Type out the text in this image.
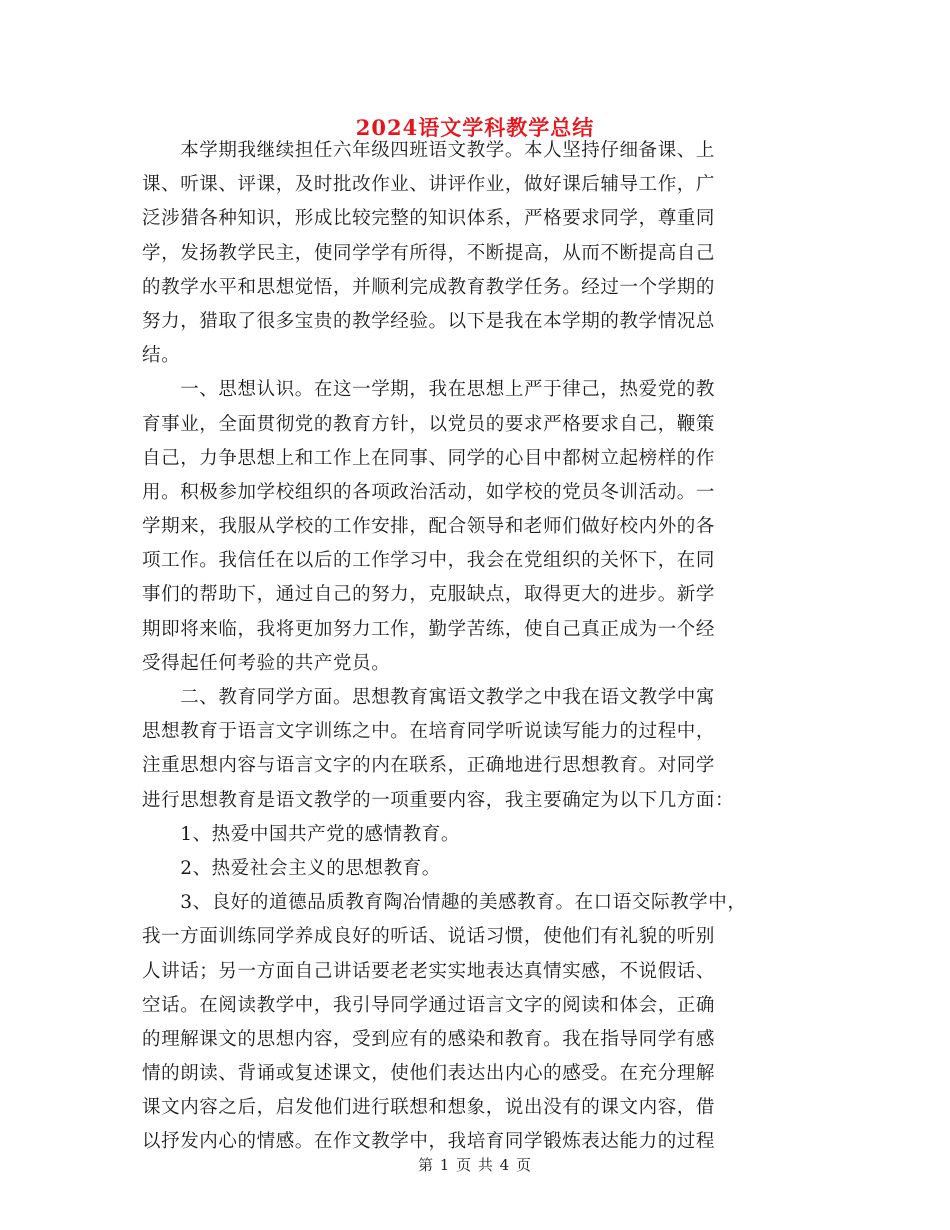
2024语文学科教学总结
　　本学期我继续担任六年级四班语文教学。本人坚持仔细备课、上
课、听课、评课，及时批改作业、讲评作业，做好课后辅导工作，广
泛涉猎各种知识，形成比较完整的知识体系，严格要求同学，尊重同
学，发扬教学民主，使同学学有所得，不断提高，从而不断提高自己
的教学水平和思想觉悟，并顺利完成教育教学任务。经过一个学期的
努力，猎取了很多宝贵的教学经验。以下是我在本学期的教学情况总
结。
　　一、思想认识。在这一学期，我在思想上严于律己，热爱党的教
育事业，全面贯彻党的教育方针，以党员的要求严格要求自己，鞭策
自己，力争思想上和工作上在同事、同学的心目中都树立起榜样的作
用。积极参加学校组织的各项政治活动，如学校的党员冬训活动。一
学期来，我服从学校的工作安排，配合领导和老师们做好校内外的各
项工作。我信任在以后的工作学习中，我会在党组织的关怀下，在同
事们的帮助下，通过自己的努力，克服缺点，取得更大的进步。新学
期即将来临，我将更加努力工作，勤学苦练，使自己真正成为一个经
受得起任何考验的共产党员。
　　二、教育同学方面。思想教育寓语文教学之中我在语文教学中寓
思想教育于语言文字训练之中。在培育同学听说读写能力的过程中，
注重思想内容与语言文字的内在联系，正确地进行思想教育。对同学
进行思想教育是语文教学的一项重要内容，我主要确定为以下几方面：
　　1、热爱中国共产党的感情教育。
　　2、热爱社会主义的思想教育。
　　3、良好的道德品质教育陶冶情趣的美感教育。在口语交际教学中，
我一方面训练同学养成良好的听话、说话习惯，使他们有礼貌的听别
人讲话；另一方面自己讲话要老老实实地表达真情实感，不说假话、
空话。在阅读教学中，我引导同学通过语言文字的阅读和体会，正确
的理解课文的思想内容，受到应有的感染和教育。我在指导同学有感
情的朗读、背诵或复述课文，使他们表达出内心的感受。在充分理解
课文内容之后，启发他们进行联想和想象，说出没有的课文内容，借
以抒发内心的情感。在作文教学中，我培育同学锻炼表达能力的过程
第 1 页 共 4 页
